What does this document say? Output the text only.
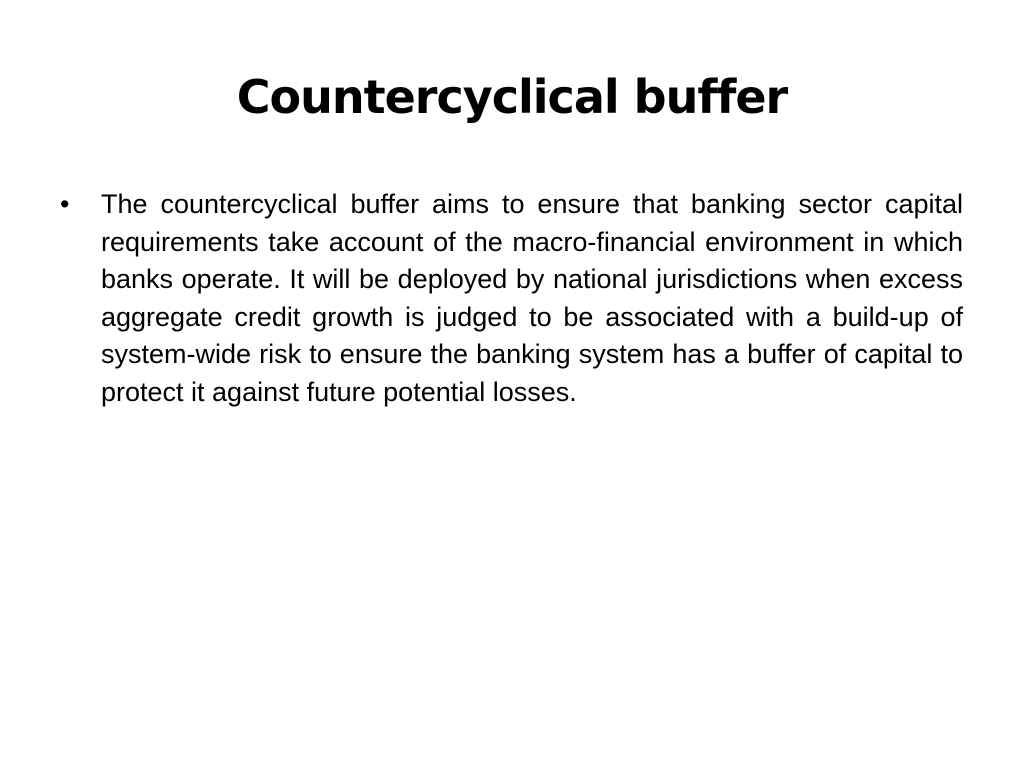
Countercyclical buffer
•	The countercyclical buffer aims to ensure that banking sector capital requirements take account of the macro-financial environment in which banks operate. It will be deployed by national jurisdictions when excess aggregate credit growth is judged to be associated with a build-up of system-wide risk to ensure the banking system has a buffer of capital to protect it against future potential losses.
